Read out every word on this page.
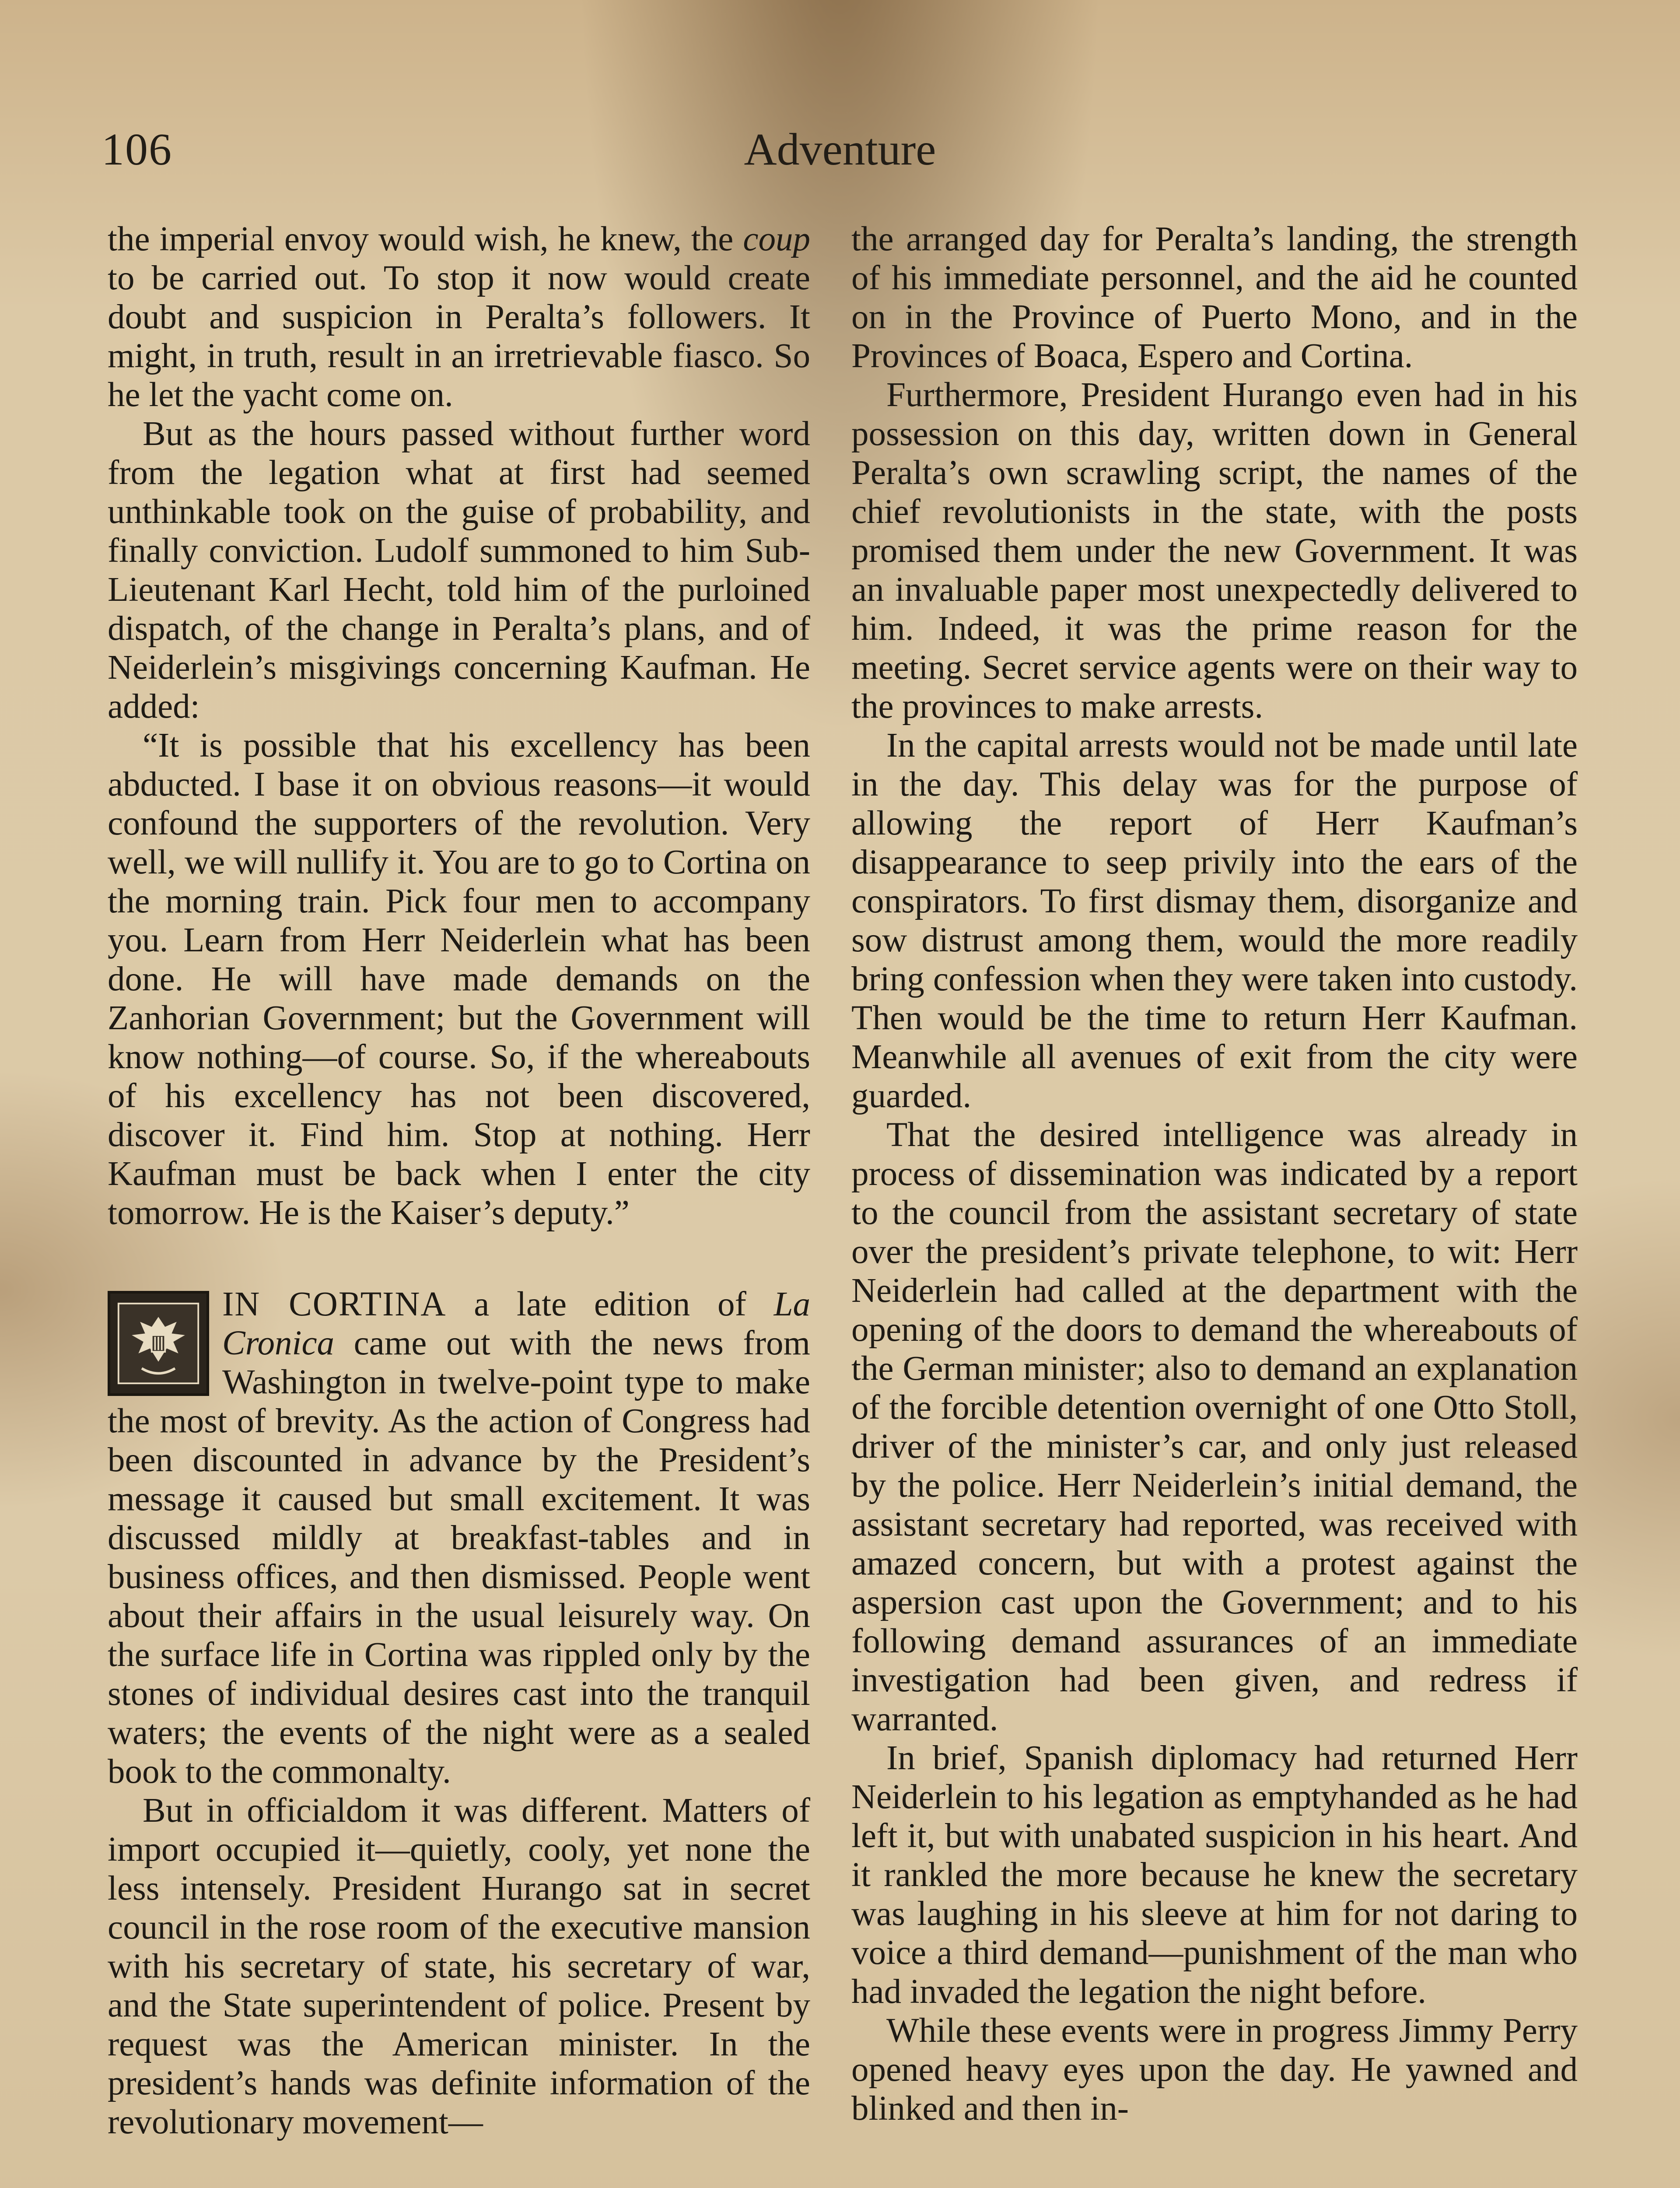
106	Adventure

the imperial envoy would wish, he knew, the coup to be carried out. To stop it now would create doubt and suspicion in Peralta’s followers. It might, in truth, result in an irretrievable fiasco. So he let the yacht come on.

But as the hours passed without further word from the legation what at first had seemed unthinkable took on the guise of probability, and finally conviction. Ludolf summoned to him Sub-Lieutenant Karl Hecht, told him of the purloined dispatch, of the change in Peralta’s plans, and of Neiderlein’s misgivings concerning Kaufman. He added:

“It is possible that his excellency has been abducted. I base it on obvious reasons—it would confound the supporters of the revolution. Very well, we will nullify it. You are to go to Cortina on the morning train. Pick four men to accompany you. Learn from Herr Neiderlein what has been done. He will have made demands on the Zanhorian Government; but the Government will know nothing—of course. So, if the whereabouts of his excellency has not been discovered, discover it. Find him. Stop at nothing. Herr Kaufman must be back when I enter the city tomorrow. He is the Kaiser’s deputy.”

IN CORTINA a late edition of La Cronica came out with the news from Washington in twelve-point type to make the most of brevity. As the action of Congress had been discounted in advance by the President’s message it caused but small excitement. It was discussed mildly at breakfast-tables and in business offices, and then dismissed. People went about their affairs in the usual leisurely way. On the surface life in Cortina was rippled only by the stones of individual desires cast into the tranquil waters; the events of the night were as a sealed book to the commonalty.

But in officialdom it was different. Matters of import occupied it—quietly, cooly, yet none the less intensely. President Hurango sat in secret council in the rose room of the executive mansion with his secretary of state, his secretary of war, and the State superintendent of police. Present by request was the American minister. In the president’s hands was definite information of the revolutionary movement—

the arranged day for Peralta’s landing, the strength of his immediate personnel, and the aid he counted on in the Province of Puerto Mono, and in the Provinces of Boaca, Espero and Cortina.

Furthermore, President Hurango even had in his possession on this day, written down in General Peralta’s own scrawling script, the names of the chief revolutionists in the state, with the posts promised them under the new Government. It was an invaluable paper most unexpectedly delivered to him. Indeed, it was the prime reason for the meeting. Secret service agents were on their way to the provinces to make arrests.

In the capital arrests would not be made until late in the day. This delay was for the purpose of allowing the report of Herr Kaufman’s disappearance to seep privily into the ears of the conspirators. To first dismay them, disorganize and sow distrust among them, would the more readily bring confession when they were taken into custody. Then would be the time to return Herr Kaufman. Meanwhile all avenues of exit from the city were guarded.

That the desired intelligence was already in process of dissemination was indicated by a report to the council from the assistant secretary of state over the president’s private telephone, to wit: Herr Neiderlein had called at the department with the opening of the doors to demand the whereabouts of the German minister; also to demand an explanation of the forcible detention overnight of one Otto Stoll, driver of the minister’s car, and only just released by the police. Herr Neiderlein’s initial demand, the assistant secretary had reported, was received with amazed concern, but with a protest against the aspersion cast upon the Government; and to his following demand assurances of an immediate investigation had been given, and redress if warranted.

In brief, Spanish diplomacy had returned Herr Neiderlein to his legation as emptyhanded as he had left it, but with unabated suspicion in his heart. And it rankled the more because he knew the secretary was laughing in his sleeve at him for not daring to voice a third demand—punishment of the man who had invaded the legation the night before.

While these events were in progress Jimmy Perry opened heavy eyes upon the day. He yawned and blinked and then in-
